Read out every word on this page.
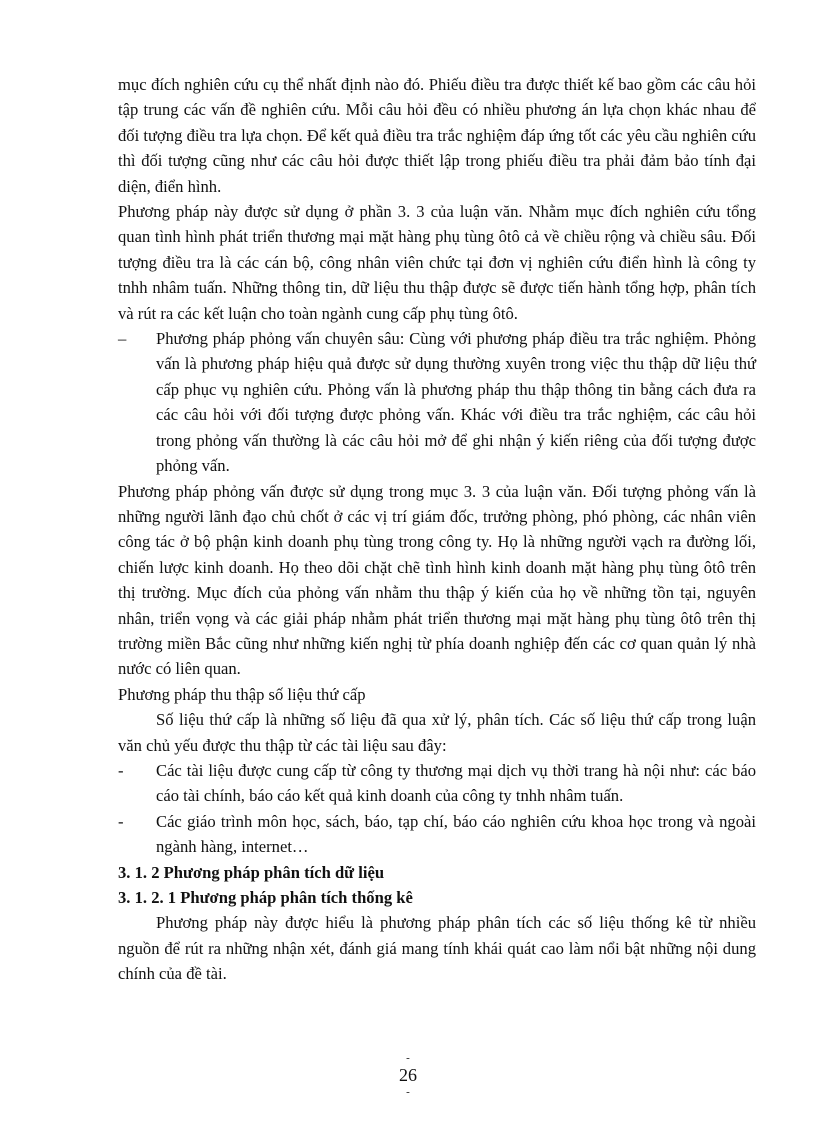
mục đích nghiên cứu cụ thể nhất định nào đó. Phiếu điều tra được thiết kế bao gồm các câu hỏi tập trung các vấn đề nghiên cứu. Mỗi câu hỏi đều có nhiều phương án lựa chọn khác nhau để đối tượng điều tra lựa chọn. Để kết quả điều tra trắc nghiệm đáp ứng tốt các yêu cầu nghiên cứu thì đối tượng cũng như các câu hỏi được thiết lập trong phiếu điều tra phải đảm bảo tính đại diện, điển hình.

Phương pháp này được sử dụng ở phần 3. 3 của luận văn. Nhằm mục đích nghiên cứu tổng quan tình hình phát triển thương mại mặt hàng phụ tùng ôtô cả về chiều rộng và chiều sâu. Đối tượng điều tra là các cán bộ, công nhân viên chức tại đơn vị nghiên cứu điển hình là công ty tnhh nhâm tuấn. Những thông tin, dữ liệu thu thập được sẽ được tiến hành tổng hợp, phân tích và rút ra các kết luận cho toàn ngành cung cấp phụ tùng ôtô.

–	Phương pháp phỏng vấn chuyên sâu: Cùng với phương pháp điều tra trắc nghiệm. Phỏng vấn là phương pháp hiệu quả được sử dụng thường xuyên trong việc thu thập dữ liệu thứ cấp phục vụ nghiên cứu. Phỏng vấn là phương pháp thu thập thông tin bằng cách đưa ra các câu hỏi với đối tượng được phỏng vấn. Khác với điều tra trắc nghiệm, các câu hỏi trong phỏng vấn thường là các câu hỏi mở để ghi nhận ý kiến riêng của đối tượng được phỏng vấn.

Phương pháp phỏng vấn được sử dụng trong mục 3. 3 của luận văn. Đối tượng phỏng vấn là những người lãnh đạo chủ chốt ở các vị trí giám đốc, trưởng phòng, phó phòng, các nhân viên công tác ở bộ phận kinh doanh phụ tùng trong công ty. Họ là những người vạch ra đường lối, chiến lược kinh doanh. Họ theo dõi chặt chẽ tình hình kinh doanh mặt hàng phụ tùng ôtô trên thị trường. Mục đích của phỏng vấn nhằm thu thập ý kiến của họ về những tồn tại, nguyên nhân, triển vọng và các giải pháp nhằm phát triển thương mại mặt hàng phụ tùng ôtô trên thị trường miền Bắc cũng như những kiến nghị từ phía doanh nghiệp đến các cơ quan quản lý nhà nước có liên quan.

Phương pháp thu thập số liệu thứ cấp

Số liệu thứ cấp là những số liệu đã qua xử lý, phân tích. Các số liệu thứ cấp trong luận văn chủ yếu được thu thập từ các tài liệu sau đây:

-	Các tài liệu được cung cấp từ công ty thương mại dịch vụ thời trang hà nội như: các báo cáo tài chính, báo cáo kết quả kinh doanh của công ty tnhh nhâm tuấn.
-	Các giáo trình môn học, sách, báo, tạp chí, báo cáo nghiên cứu khoa học trong và ngoài ngành hàng, internet…

3. 1. 2 Phương pháp phân tích dữ liệu

3. 1. 2. 1 Phương pháp phân tích thống kê

Phương pháp này được hiểu là phương pháp phân tích các số liệu thống kê từ nhiều nguồn để rút ra những nhận xét, đánh giá mang tính khái quát cao làm nổi bật những nội dung chính của đề tài.

-
26
-
